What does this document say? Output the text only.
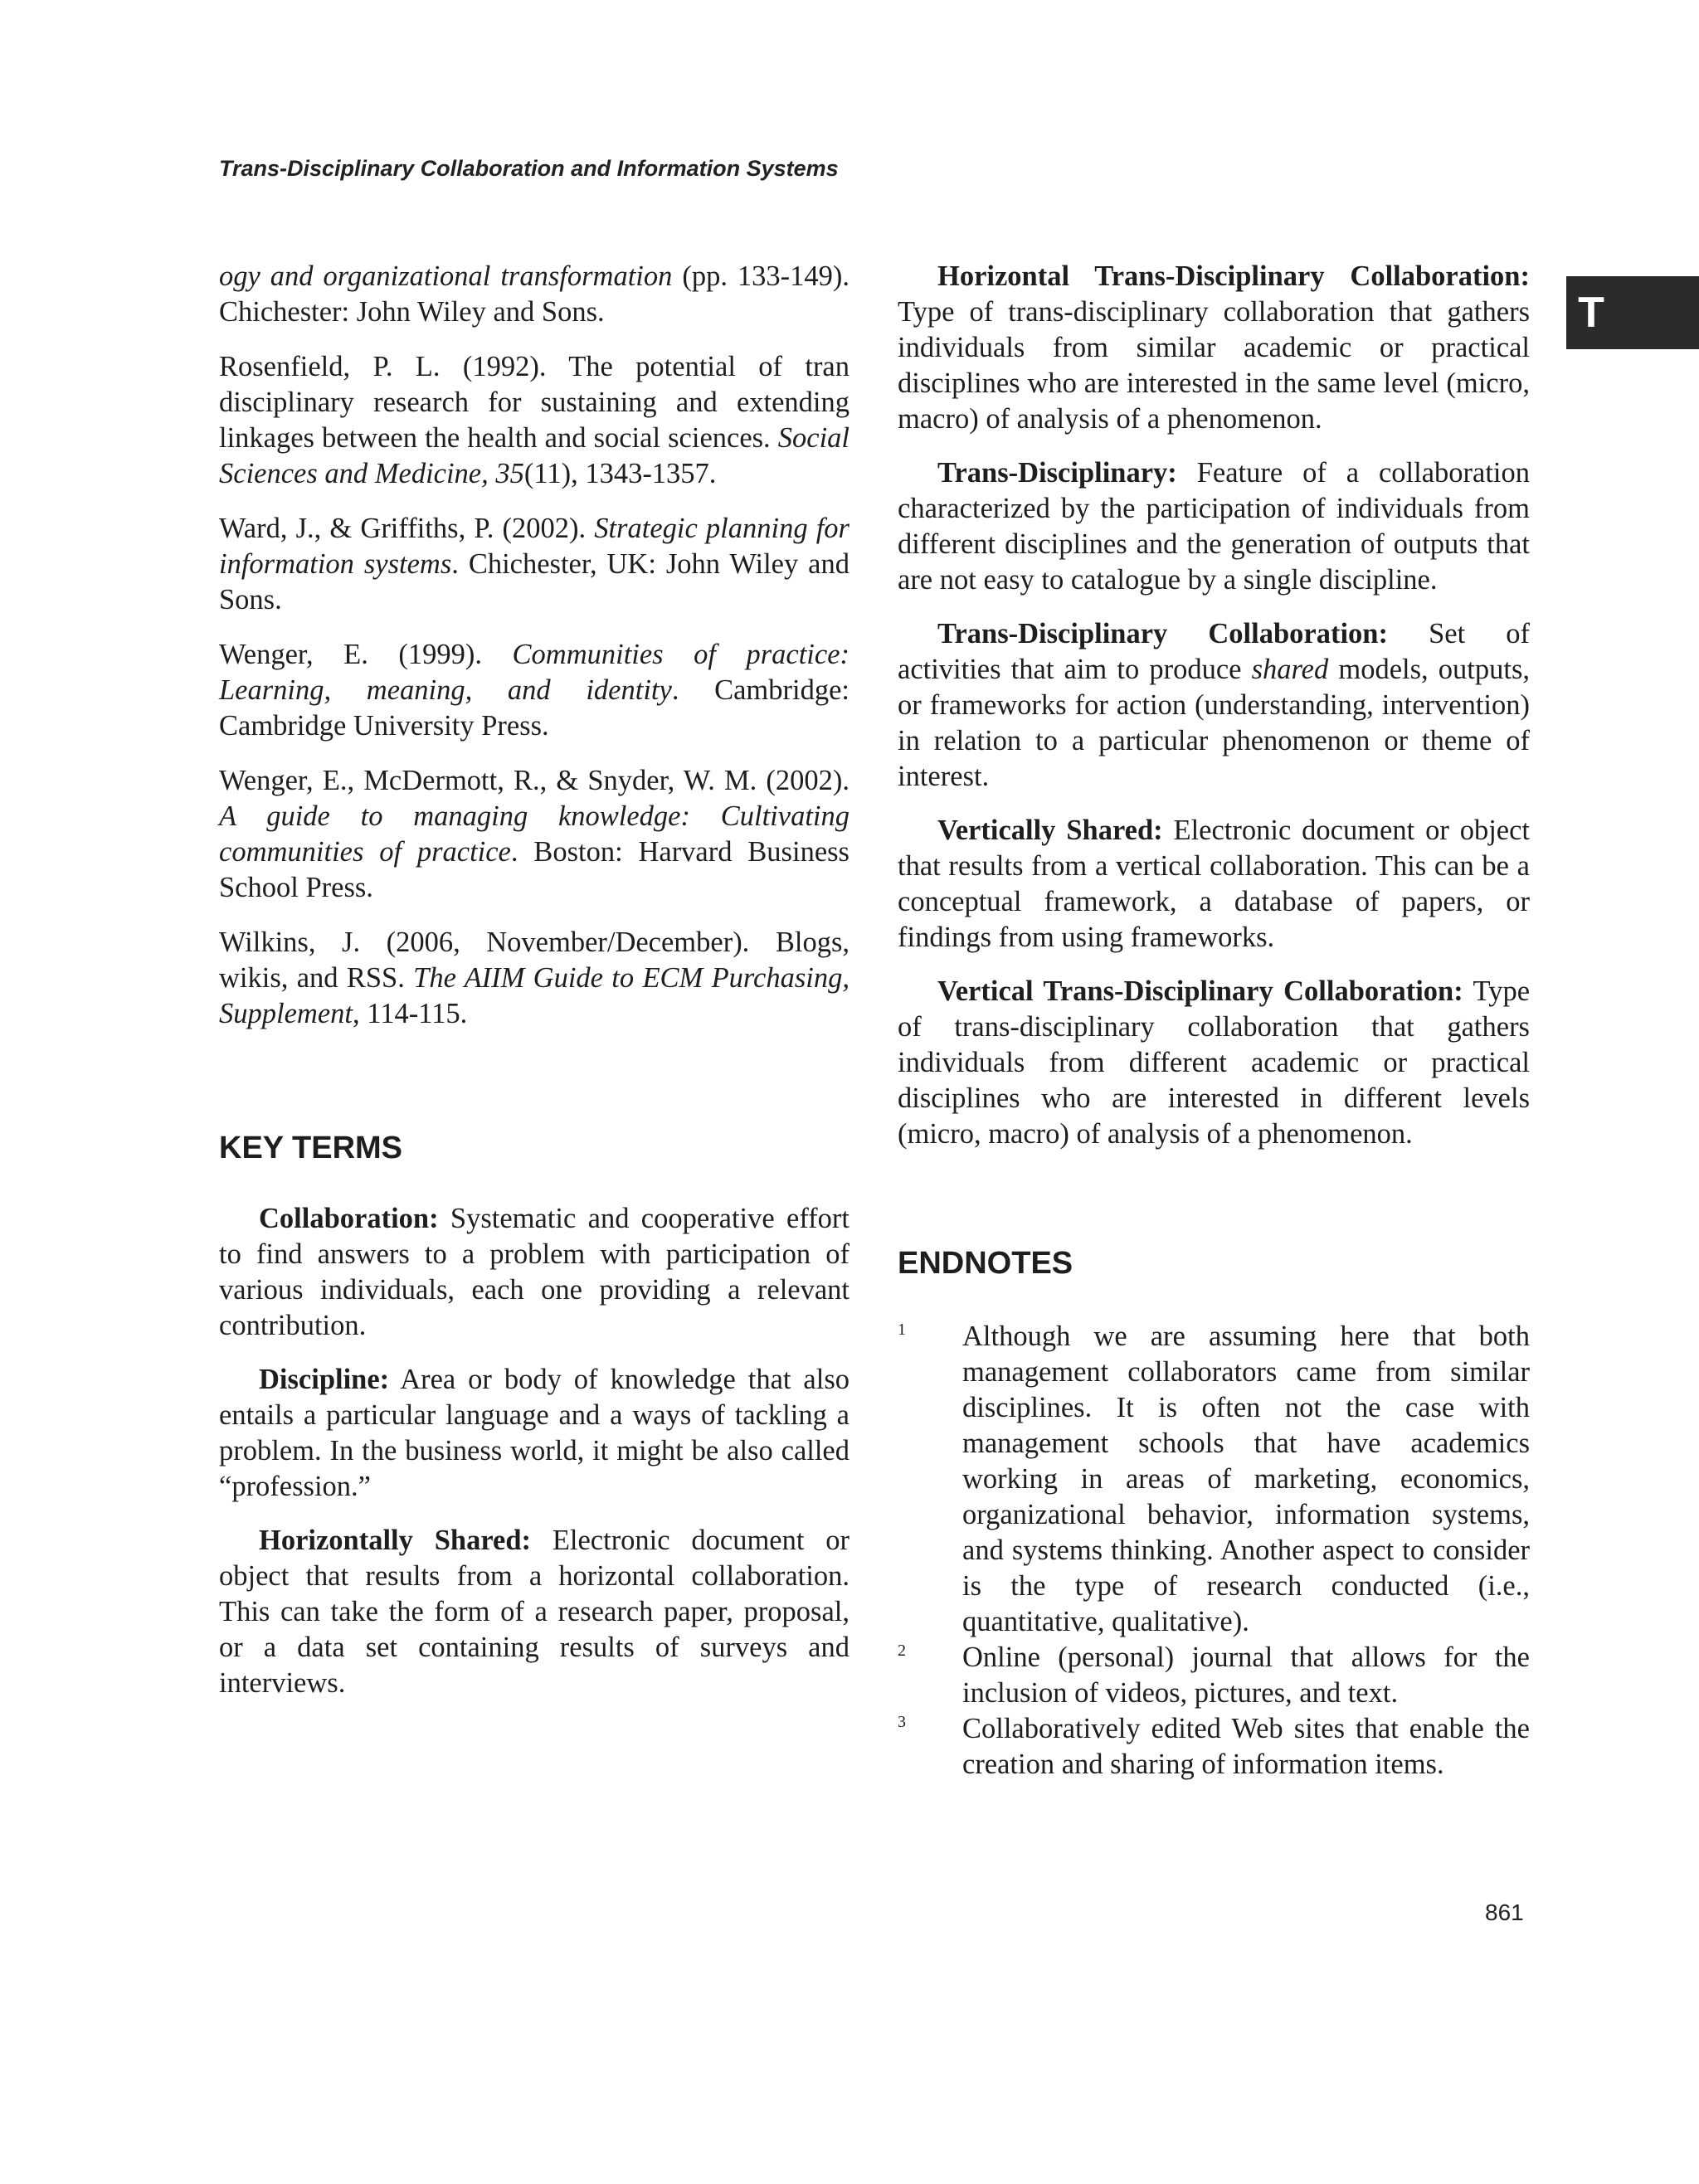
Trans-Disciplinary Collaboration and Information Systems
T

ogy and organizational transformation (pp. 133-149). Chichester: John Wiley and Sons.

Rosenfield, P. L. (1992). The potential of tran disciplinary research for sustaining and extending linkages between the health and social sciences. Social Sciences and Medicine, 35(11), 1343-1357.

Ward, J., & Griffiths, P. (2002). Strategic planning for information systems. Chichester, UK: John Wiley and Sons.

Wenger, E. (1999). Communities of practice: Learning, meaning, and identity. Cambridge: Cambridge University Press.

Wenger, E., McDermott, R., & Snyder, W. M. (2002). A guide to managing knowledge: Cultivating communities of practice. Boston: Harvard Business School Press.

Wilkins, J. (2006, November/December). Blogs, wikis, and RSS. The AIIM Guide to ECM Purchasing, Supplement, 114-115.

KEY TERMS

Collaboration: Systematic and cooperative effort to find answers to a problem with participation of various individuals, each one providing a relevant contribution.

Discipline: Area or body of knowledge that also entails a particular language and a ways of tackling a problem. In the business world, it might be also called “profession.”

Horizontally Shared: Electronic document or object that results from a horizontal collaboration. This can take the form of a research paper, proposal, or a data set containing results of surveys and interviews.

Horizontal Trans-Disciplinary Collaboration: Type of trans-disciplinary collaboration that gathers individuals from similar academic or practical disciplines who are interested in the same level (micro, macro) of analysis of a phenomenon.

Trans-Disciplinary: Feature of a collaboration characterized by the participation of individuals from different disciplines and the generation of outputs that are not easy to catalogue by a single discipline.

Trans-Disciplinary Collaboration: Set of activities that aim to produce shared models, outputs, or frameworks for action (understanding, intervention) in relation to a particular phenomenon or theme of interest.

Vertically Shared: Electronic document or object that results from a vertical collaboration. This can be a conceptual framework, a database of papers, or findings from using frameworks.

Vertical Trans-Disciplinary Collaboration: Type of trans-disciplinary collaboration that gathers individuals from different academic or practical disciplines who are interested in different levels (micro, macro) of analysis of a phenomenon.

ENDNOTES

1 Although we are assuming here that both management collaborators came from similar disciplines. It is often not the case with management schools that have academics working in areas of marketing, economics, organizational behavior, information systems, and systems thinking. Another aspect to consider is the type of research conducted (i.e., quantitative, qualitative).

2 Online (personal) journal that allows for the inclusion of videos, pictures, and text.

3 Collaboratively edited Web sites that enable the creation and sharing of information items.

861
